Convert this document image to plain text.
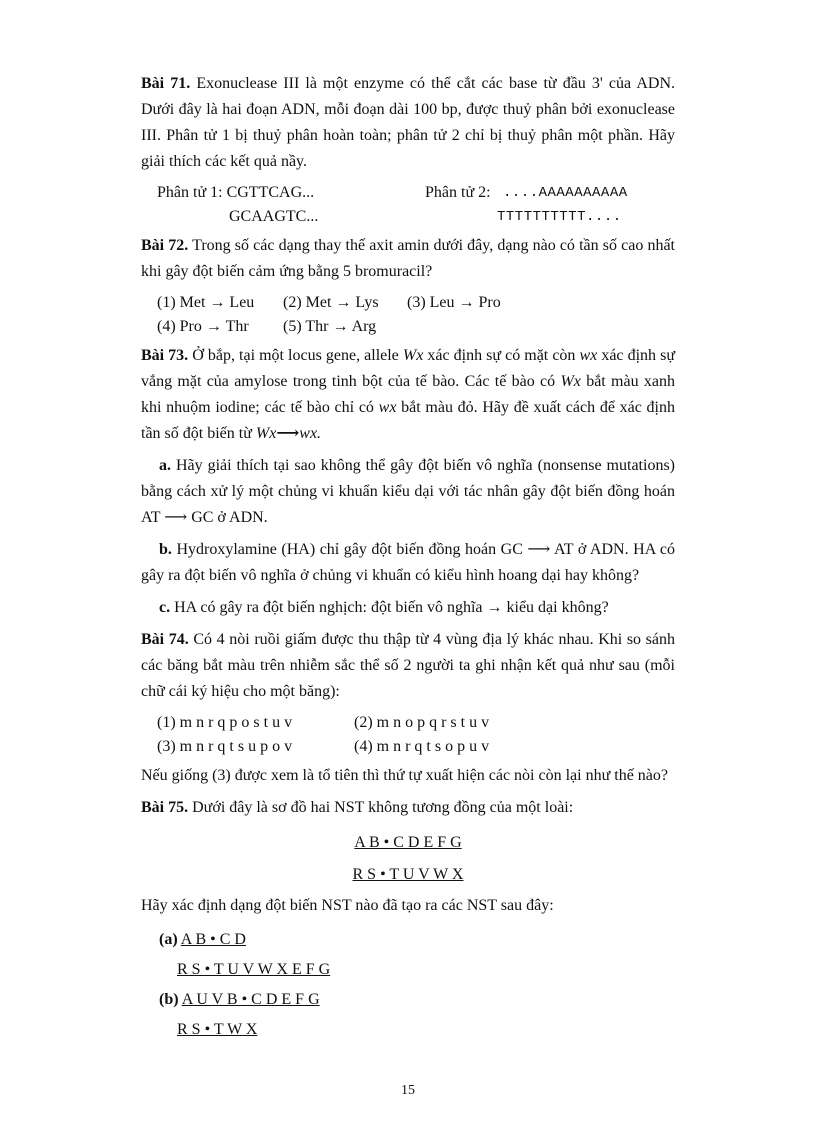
Bài 71. Exonuclease III là một enzyme có thể cắt các base từ đầu 3' của ADN. Dưới đây là hai đoạn ADN, mỗi đoạn dài 100 bp, được thuỷ phân bởi exonuclease III. Phân tử 1 bị thuỷ phân hoàn toàn; phân tử 2 chỉ bị thuỷ phân một phần. Hãy giải thích các kết quả nầy.

Phân tử 1: CGTTCAG...	Phân tử 2: ....AAAAAAAAAA
GCAAGTC...	TTTTTTTTTT....

Bài 72. Trong số các dạng thay thế axit amin dưới đây, dạng nào có tần số cao nhất khi gây đột biến cảm ứng bằng 5 bromuracil?

(1) Met → Leu (2) Met → Lys (3) Leu → Pro
(4) Pro → Thr (5) Thr → Arg

Bài 73. Ở bắp, tại một locus gene, allele Wx xác định sự có mặt còn wx xác định sự vắng mặt của amylose trong tinh bột của tế bào. Các tế bào có Wx bắt màu xanh khi nhuộm iodine; các tế bào chỉ có wx bắt màu đỏ. Hãy đề xuất cách để xác định tần số đột biến từ Wx⟶wx.

a. Hãy giải thích tại sao không thể gây đột biến vô nghĩa (nonsense mutations) bằng cách xử lý một chủng vi khuẩn kiểu dại với tác nhân gây đột biến đồng hoán AT ⟶ GC ở ADN.

b. Hydroxylamine (HA) chỉ gây đột biến đồng hoán GC ⟶ AT ở ADN. HA có gây ra đột biến vô nghĩa ở chủng vi khuẩn có kiểu hình hoang dại hay không?

c. HA có gây ra đột biến nghịch: đột biến vô nghĩa → kiểu dại không?

Bài 74. Có 4 nòi ruồi giấm được thu thập từ 4 vùng địa lý khác nhau. Khi so sánh các băng bắt màu trên nhiễm sắc thể số 2 người ta ghi nhận kết quả như sau (mỗi chữ cái ký hiệu cho một băng):

(1) m n r q p o s t u v	(2) m n o p q r s t u v
(3) m n r q t s u p o v	(4) m n r q t s o p u v

Nếu giống (3) được xem là tổ tiên thì thứ tự xuất hiện các nòi còn lại như thế nào?

Bài 75. Dưới đây là sơ đồ hai NST không tương đồng của một loài:

A B • C D E F G
R S • T U V W X

Hãy xác định dạng đột biến NST nào đã tạo ra các NST sau đây:

(a) A B • C D
R S • T U V W X E F G
(b) A U V B • C D E F G
R S • T W X
15
